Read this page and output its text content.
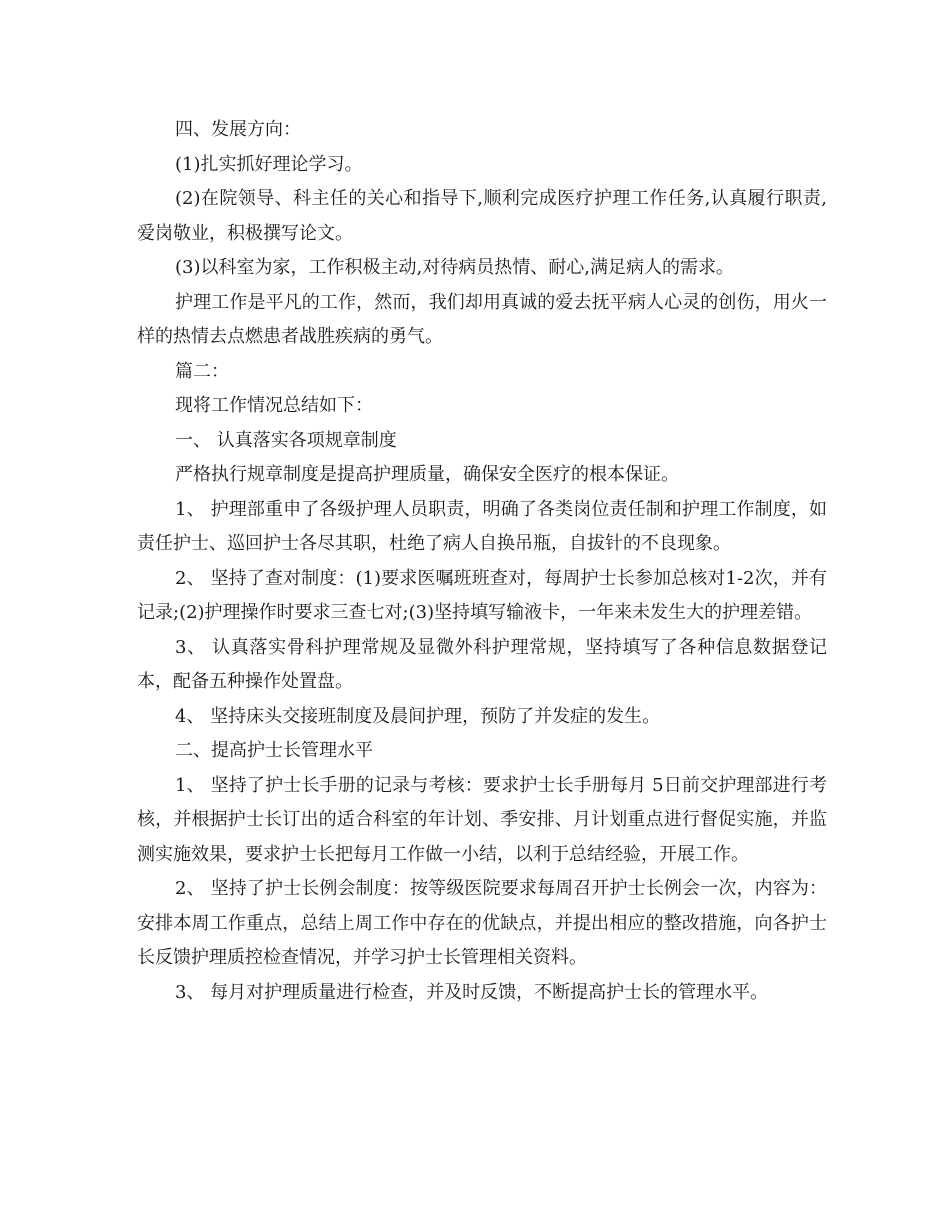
四、发展方向：

(1)扎实抓好理论学习。

(2)在院领导、科主任的关心和指导下,顺利完成医疗护理工作任务,认真履行职责,爱岗敬业，积极撰写论文。

(3)以科室为家，工作积极主动,对待病员热情、耐心,满足病人的需求。

护理工作是平凡的工作，然而，我们却用真诚的爱去抚平病人心灵的创伤，用火一样的热情去点燃患者战胜疾病的勇气。

篇二：

现将工作情况总结如下：

一、 认真落实各项规章制度

严格执行规章制度是提高护理质量，确保安全医疗的根本保证。

1、 护理部重申了各级护理人员职责，明确了各类岗位责任制和护理工作制度，如责任护士、巡回护士各尽其职，杜绝了病人自换吊瓶，自拔针的不良现象。

2、 坚持了查对制度：(1)要求医嘱班班查对，每周护士长参加总核对1-2次，并有记录;(2)护理操作时要求三查七对;(3)坚持填写输液卡，一年来未发生大的护理差错。

3、 认真落实骨科护理常规及显微外科护理常规，坚持填写了各种信息数据登记本，配备五种操作处置盘。

4、 坚持床头交接班制度及晨间护理，预防了并发症的发生。

二、提高护士长管理水平

1、 坚持了护士长手册的记录与考核：要求护士长手册每月 5日前交护理部进行考核，并根据护士长订出的适合科室的年计划、季安排、月计划重点进行督促实施，并监测实施效果，要求护士长把每月工作做一小结，以利于总结经验，开展工作。

2、 坚持了护士长例会制度：按等级医院要求每周召开护士长例会一次，内容为：安排本周工作重点，总结上周工作中存在的优缺点，并提出相应的整改措施，向各护士长反馈护理质控检查情况，并学习护士长管理相关资料。

3、 每月对护理质量进行检查，并及时反馈，不断提高护士长的管理水平。
